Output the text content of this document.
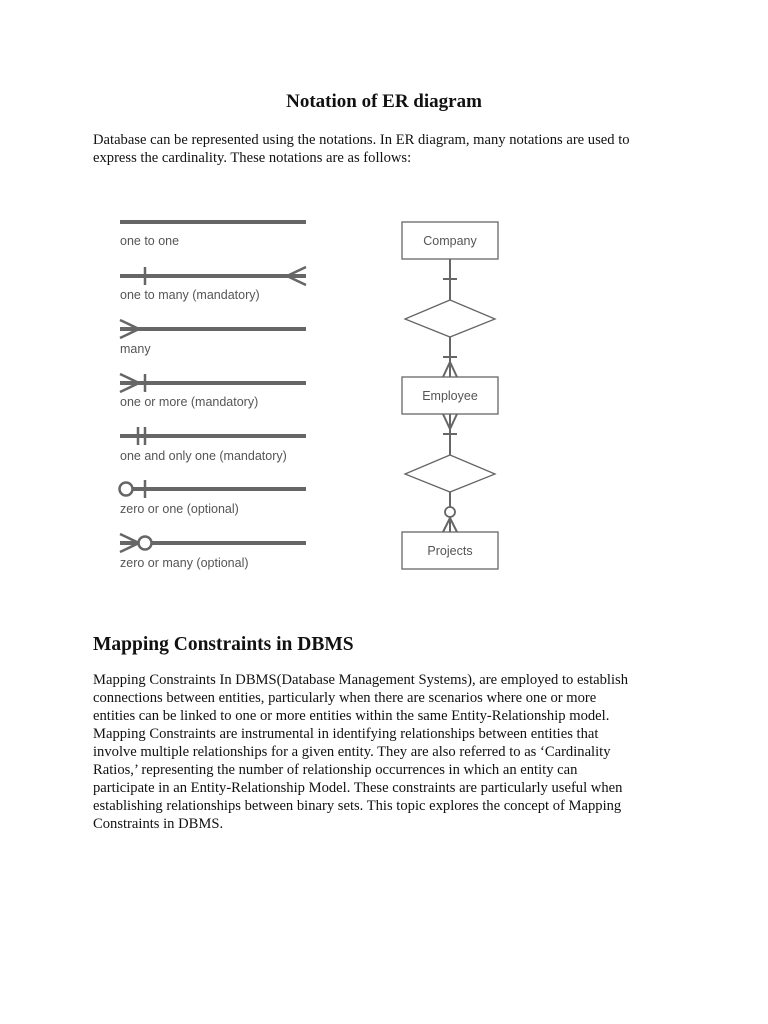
Notation of ER diagram

Database can be represented using the notations. In ER diagram, many notations are used to
express the cardinality. These notations are as follows:

one to one
one to many (mandatory)
many
one or more (mandatory)
one and only one (mandatory)
zero or one (optional)
zero or many (optional)
Company
Employee
Projects
Mapping Constraints in DBMS

Mapping Constraints In DBMS(Database Management Systems), are employed to establish
connections between entities, particularly when there are scenarios where one or more
entities can be linked to one or more entities within the same Entity-Relationship model.
Mapping Constraints are instrumental in identifying relationships between entities that
involve multiple relationships for a given entity. They are also referred to as ‘Cardinality
Ratios,’ representing the number of relationship occurrences in which an entity can
participate in an Entity-Relationship Model. These constraints are particularly useful when
establishing relationships between binary sets. This topic explores the concept of Mapping
Constraints in DBMS.
